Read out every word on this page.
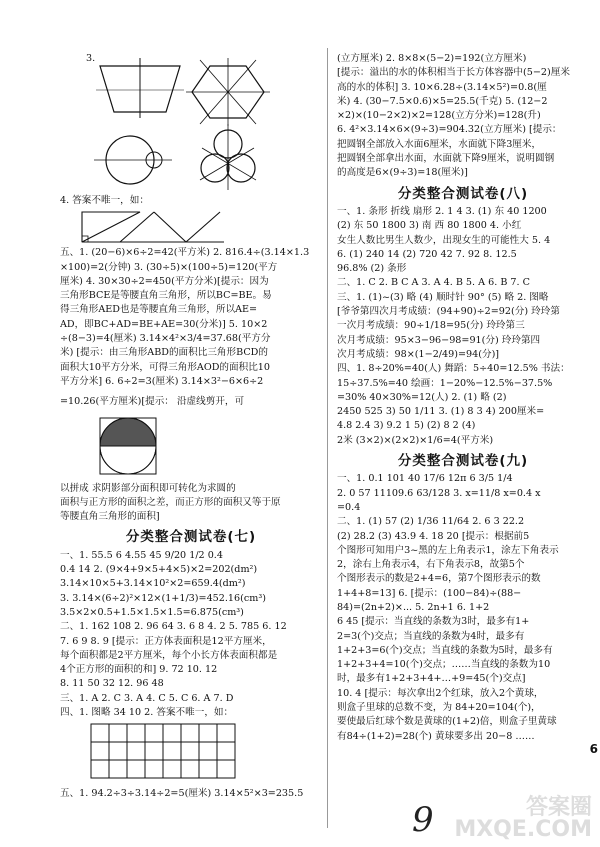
3.
4. 答案不唯一，如：
五、1. (20−6)×6÷2=42(平方米) 2. 816.4÷(3.14×1.3
×100)=2(分钟) 3. (30÷5)×(100÷5)=120(平方
厘米) 4. 30×30÷2=450(平方分米)[提示：因为
三角形BCE是等腰直角三角形，所以BC=BE。易
得三角形AED也是等腰直角三角形，所以AE=
AD，即BC+AD=BE+AE=30(分米)] 5. 10×2
÷(8−3)=4(厘米) 3.14×4²×3/4=37.68(平方分
米) [提示：由三角形ABD的面积比三角形BCD的
面积大10平方分米，可得三角形AOD的面积比10
平方分米] 6. 6÷2=3(厘米) 3.14×3²−6×6÷2
=10.26(平方厘米)[提示： 沿虚线剪开，可
以拼成 求阴影部分面积即可转化为求圆的
面积与正方形的面积之差，而正方形的面积又等于原
等腰直角三角形的面积]
分类整合测试卷(七)
一、1. 55.5 6 4.55 45 9/20 1/2 0.4
0.4 14 2. (9×4+9×5+4×5)×2=202(dm²)
3.14×10×5+3.14×10²×2=659.4(dm²)
3. 3.14×(6÷2)²×12×(1+1/3)=452.16(cm³)
3.5×2×0.5+1.5×1.5×1.5=6.875(cm³)
二、1. 162 108 2. 96 64 3. 6 8 4. 2 5. 785 6. 12
7. 6 9 8. 9 [提示：正方体表面积是12平方厘米，
每个面积都是2平方厘米，每个小长方体表面积都是
4个正方形的面积的和] 9. 72 10. 12
8. 11 50 32 12. 96 48
三、1. A 2. C 3. A 4. C 5. C 6. A 7. D
四、1. 图略 34 10 2. 答案不唯一，如：
五、1. 94.2÷3÷3.14÷2=5(厘米) 3.14×5²×3=235.5
(立方厘米) 2. 8×8×(5−2)=192(立方厘米)
[提示：溢出的水的体积相当于长方体容器中(5−2)厘米
高的水的体积] 3. 10×6.28÷(3.14×5²)=0.8(厘
米) 4. (30−7.5×0.6)×5=25.5(千克) 5. (12−2
×2)×(10−2×2)×2=128(立方分米)=128(升)
6. 4²×3.14×6×(9÷3)=904.32(立方厘米) [提示：
把圆钢全部放入水面6厘米，水面就下降3厘米，
把圆钢全部拿出水面，水面就下降9厘米，说明圆钢
的高度是6×(9÷3)=18(厘米)]
分类整合测试卷(八)
一、1. 条形 折线 扇形 2. 1 4 3. (1) 东 40 1200
(2) 东 50 1800 3) 南 西 80 1800 4. 小红
女生人数比男生人数少，出现女生的可能性大 5. 4
6. (1) 240 14 (2) 720 42 7. 92 8. 12.5
96.8% (2) 条形
二、1. C 2. B C A 3. A 4. B 5. A 6. B 7. C
三、1. (1)~(3) 略 (4) 顺时针 90° (5) 略 2. 图略
[爷爷第四次月考成绩：(94+90)÷2=92(分) 玲玲第
一次月考成绩：90÷1/18=95(分) 玲玲第三
次月考成绩：95×3−96−98=91(分) 玲玲第四
次月考成绩：98×(1−2/49)=94(分)]
四、1. 8÷20%=40(人) 舞蹈：5÷40=12.5% 书法：
15÷37.5%=40 绘画：1−20%−12.5%−37.5%
=30% 40×30%=12(人) 2. (1) 略 (2)
2450 525 3) 50 1/11 3. (1) 8 3 4) 200厘米=
4.8 2.4 3) 9.2 1 5) (2) 8 2 (4)
2米 (3×2)×(2×2)×1/6=4(平方米)
分类整合测试卷(九)
一、1. 0.1 101 40 17/6 12π 6 3/5 1/4
2. 0 57 11109.6 63/128 3. x=11/8 x=0.4 x
=0.4
二、1. (1) 57 (2) 1/36 11/64 2. 6 3 22.2
(2) 28.2 (3) 43.9 4. 18 20 [提示：根据前5
个图形可知用户3~黑的左上角表示1，涂左下角表示
2，涂右上角表示4，右下角表示8，故第5个
个图形表示的数是2+4=6，第7个图形表示的数
1+4+8=13] 6. [提示：(100−84)÷(88−
84)=(2n+2)×... 5. 2n+1 6. 1+2
6 45 [提示：当直线的条数为3时，最多有1+
2=3(个)交点；当直线的条数为4时，最多有
1+2+3=6(个)交点；当直线的条数为5时，最多有
1+2+3+4=10(个)交点；……当直线的条数为10
时，最多有1+2+3+4+…+9=45(个)交点]
10. 4 [提示：每次拿出2个红球，放入2个黄球，
则盒子里球的总数不变，为 84+20=104(个)，
要使最后红球个数是黄球的(1+2)倍，则盒子里黄球
有84÷(1+2)=28(个) 黄球要多出 20−8 ……
6
9	答案圈
MXQE.COM
